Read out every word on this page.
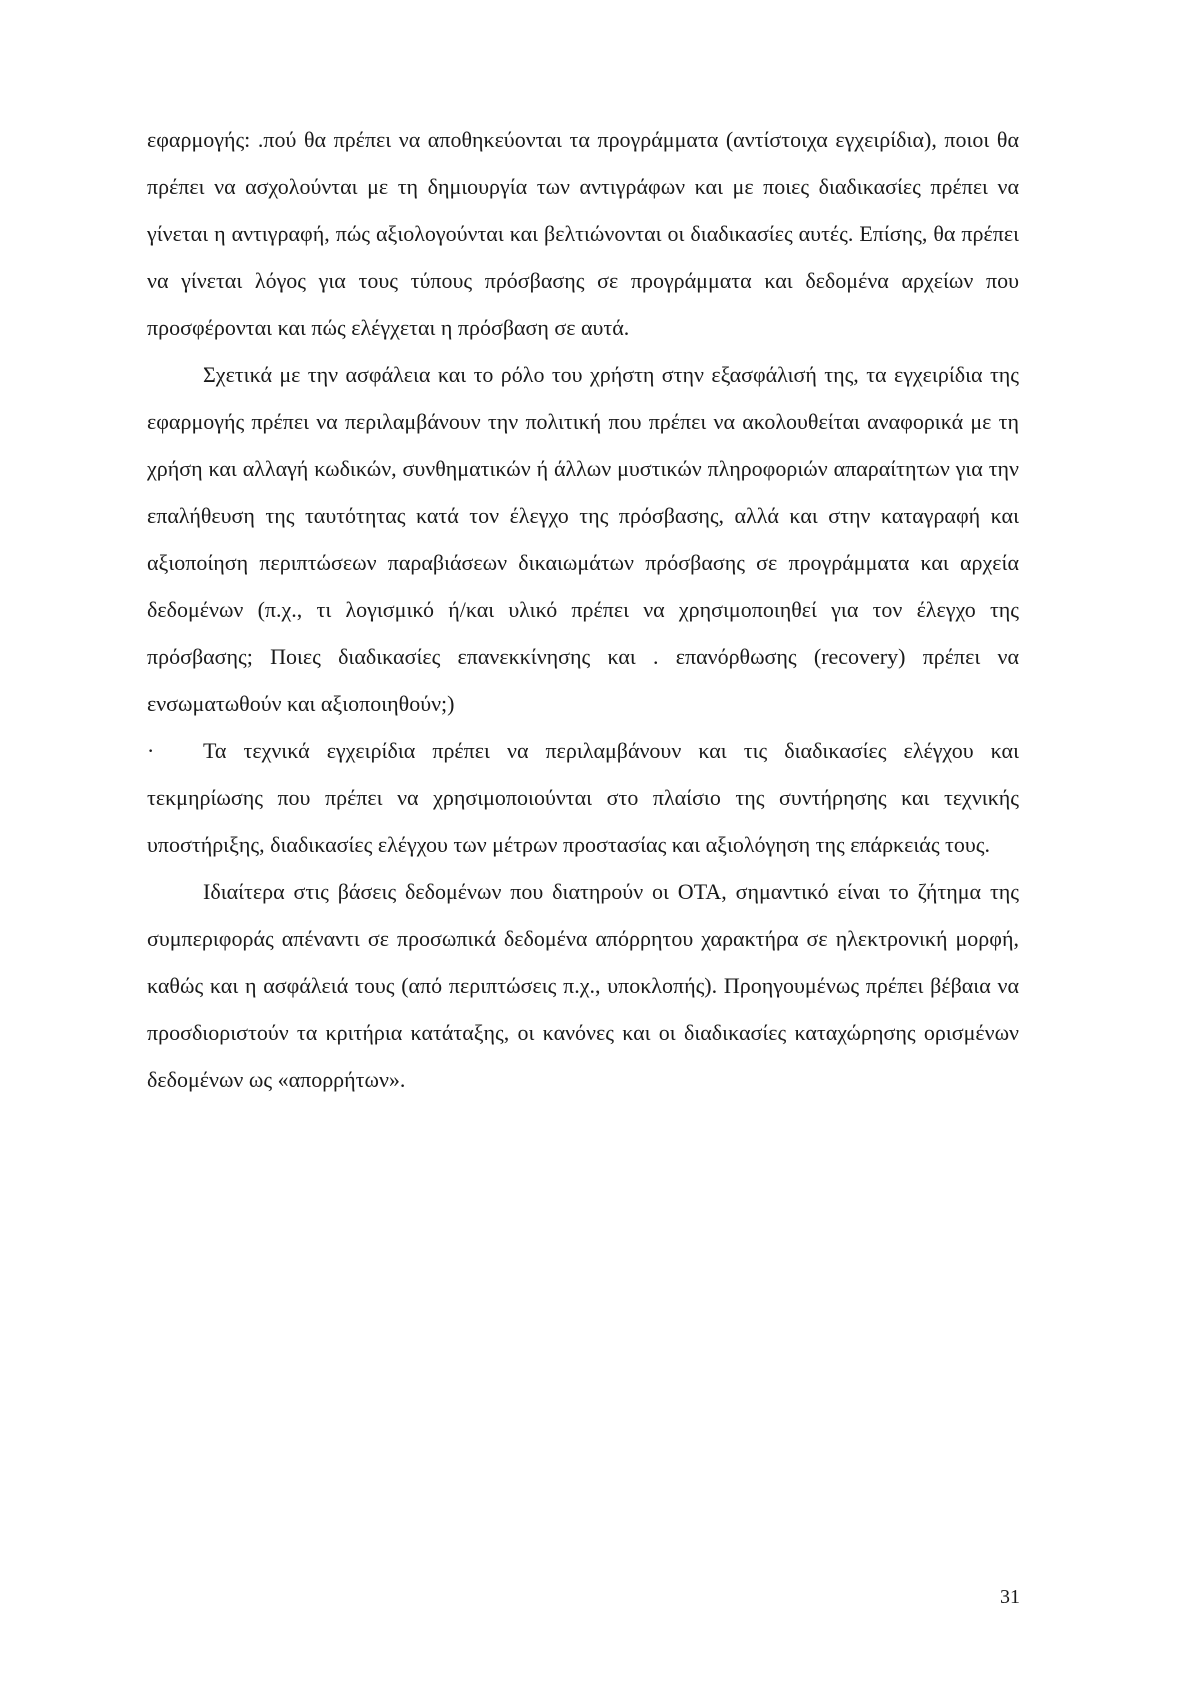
εφαρμογής: .πού θα πρέπει να αποθηκεύονται τα προγράμματα (αντίστοιχα εγχειρίδια), ποιοι θα πρέπει να ασχολούνται με τη δημιουργία των αντιγράφων και με ποιες διαδικασίες πρέπει να γίνεται η αντιγραφή, πώς αξιολογούνται και βελτιώνονται οι διαδικασίες αυτές. Επίσης, θα πρέπει να γίνεται λόγος για τους τύπους πρόσβασης σε προγράμματα και δεδομένα αρχείων που προσφέρονται και πώς ελέγχεται η πρόσβαση σε αυτά.

Σχετικά με την ασφάλεια και το ρόλο του χρήστη στην εξασφάλισή της, τα εγχειρίδια της εφαρμογής πρέπει να περιλαμβάνουν την πολιτική που πρέπει να ακολουθείται αναφορικά με τη χρήση και αλλαγή κωδικών, συνθηματικών ή άλλων μυστικών πληροφοριών απαραίτητων για την επαλήθευση της ταυτότητας κατά τον έλεγχο της πρόσβασης, αλλά και στην καταγραφή και αξιοποίηση περιπτώσεων παραβιάσεων δικαιωμάτων πρόσβασης σε προγράμματα και αρχεία δεδομένων (π.χ., τι λογισμικό ή/και υλικό πρέπει να χρησιμοποιηθεί για τον έλεγχο της πρόσβασης; Ποιες διαδικασίες επανεκκίνησης και . επανόρθωσης (recovery) πρέπει να ενσωματωθούν και αξιοποιηθούν;)

·	Τα τεχνικά εγχειρίδια πρέπει να περιλαμβάνουν και τις διαδικασίες ελέγχου και τεκμηρίωσης που πρέπει να χρησιμοποιούνται στο πλαίσιο της συντήρησης και τεχνικής υποστήριξης, διαδικασίες ελέγχου των μέτρων προστασίας και αξιολόγηση της επάρκειάς τους.

Ιδιαίτερα στις βάσεις δεδομένων που διατηρούν οι ΟΤΑ, σημαντικό είναι το ζήτημα της συμπεριφοράς απέναντι σε προσωπικά δεδομένα απόρρητου χαρακτήρα σε ηλεκτρονική μορφή, καθώς και η ασφάλειά τους (από περιπτώσεις π.χ., υποκλοπής). Προηγουμένως πρέπει βέβαια να προσδιοριστούν τα κριτήρια κατάταξης, οι κανόνες και οι διαδικασίες καταχώρησης ορισμένων δεδομένων ως «απορρήτων».

31
